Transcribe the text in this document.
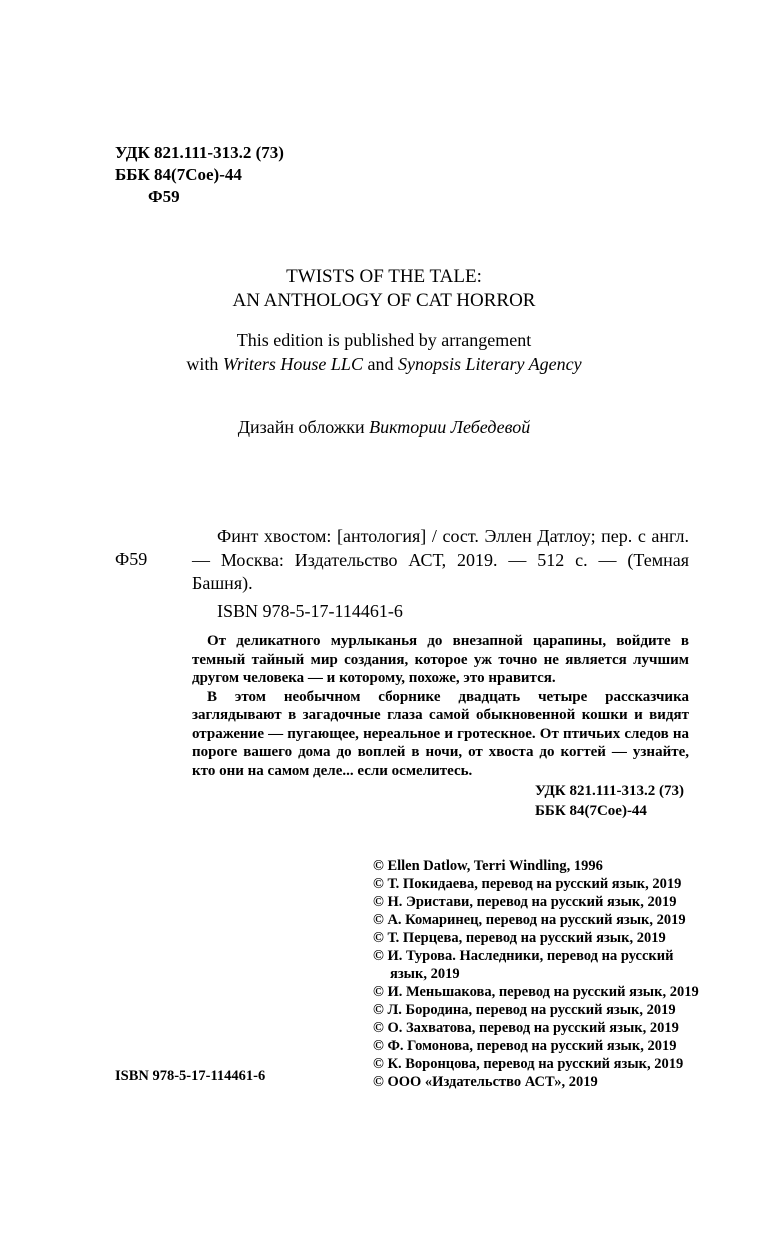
УДК 821.111-313.2 (73)
ББК 84(7Сое)-44
Ф59
TWISTS OF THE TALE:
AN ANTHOLOGY OF CAT HORROR
This edition is published by arrangement
with Writers House LLC and Synopsis Literary Agency
Дизайн обложки Виктории Лебедевой
Ф59
Финт хвостом: [антология] / сост. Эллен Датлоу; пер. с англ. — Москва: Издательство АСТ, 2019. — 512 с. — (Темная Башня).
ISBN 978-5-17-114461-6

От деликатного мурлыканья до внезапной царапины, войдите в темный тайный мир создания, которое уж точно не является лучшим другом человека — и которому, похоже, это нравится.

В этом необычном сборнике двадцать четыре рассказчика заглядывают в загадочные глаза самой обыкновенной кошки и видят отражение — пугающее, нереальное и гротескное. От птичьих следов на пороге вашего дома до воплей в ночи, от хвоста до когтей — узнайте, кто они на самом деле... если осмелитесь.

УДК 821.111-313.2 (73)
ББК 84(7Сое)-44
© Ellen Datlow, Terri Windling, 1996
© Т. Покидаева, перевод на русский язык, 2019
© Н. Эристави, перевод на русский язык, 2019
© А. Комаринец, перевод на русский язык, 2019
© Т. Перцева, перевод на русский язык, 2019
© И. Турова. Наследники, перевод на русский язык, 2019
© И. Меньшакова, перевод на русский язык, 2019
© Л. Бородина, перевод на русский язык, 2019
© О. Захватова, перевод на русский язык, 2019
© Ф. Гомонова, перевод на русский язык, 2019
© К. Воронцова, перевод на русский язык, 2019
© ООО «Издательство АСТ», 2019
ISBN 978-5-17-114461-6
